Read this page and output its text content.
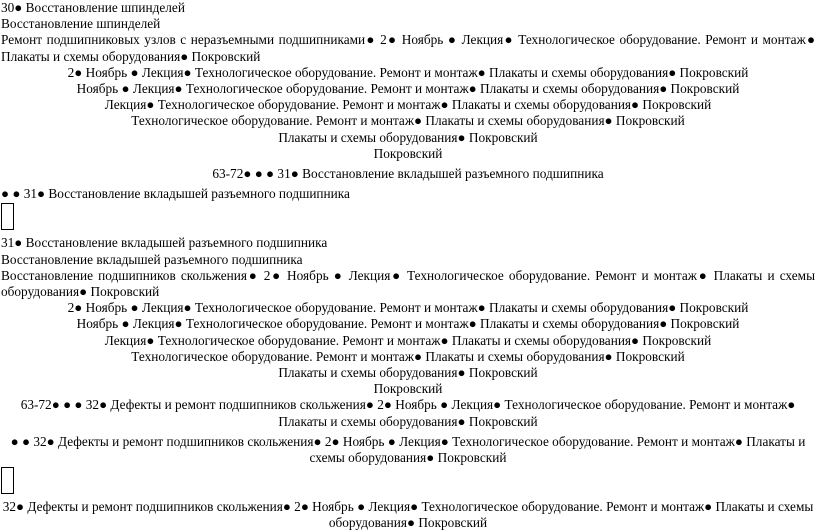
30● Восстановление шпинделей
Восстановление шпинделей
Ремонт подшипниковых узлов с неразъемными подшипниками● 2● Ноябрь ● Лекция● Технологическое оборудование. Ремонт и монтаж● Плакаты и схемы оборудования● Покровский
2● Ноябрь ● Лекция● Технологическое оборудование. Ремонт и монтаж● Плакаты и схемы оборудования● Покровский
Ноябрь ● Лекция● Технологическое оборудование. Ремонт и монтаж● Плакаты и схемы оборудования● Покровский
Лекция● Технологическое оборудование. Ремонт и монтаж● Плакаты и схемы оборудования● Покровский
Технологическое оборудование. Ремонт и монтаж● Плакаты и схемы оборудования● Покровский
Плакаты и схемы оборудования● Покровский
Покровский
63-72● ● ● 31● Восстановление вкладышей разъемного подшипника
● ● 31● Восстановление вкладышей разъемного подшипника
31● Восстановление вкладышей разъемного подшипника
Восстановление вкладышей разъемного подшипника
Восстановление подшипников скольжения● 2● Ноябрь ● Лекция● Технологическое оборудование. Ремонт и монтаж● Плакаты и схемы оборудования● Покровский
2● Ноябрь ● Лекция● Технологическое оборудование. Ремонт и монтаж● Плакаты и схемы оборудования● Покровский
Ноябрь ● Лекция● Технологическое оборудование. Ремонт и монтаж● Плакаты и схемы оборудования● Покровский
Лекция● Технологическое оборудование. Ремонт и монтаж● Плакаты и схемы оборудования● Покровский
Технологическое оборудование. Ремонт и монтаж● Плакаты и схемы оборудования● Покровский
Плакаты и схемы оборудования● Покровский
Покровский
63-72● ● ● 32● Дефекты и ремонт подшипников скольжения● 2● Ноябрь ● Лекция● Технологическое оборудование. Ремонт и монтаж● Плакаты и схемы оборудования● Покровский
● ● 32● Дефекты и ремонт подшипников скольжения● 2● Ноябрь ● Лекция● Технологическое оборудование. Ремонт и монтаж● Плакаты и схемы оборудования● Покровский
32● Дефекты и ремонт подшипников скольжения● 2● Ноябрь ● Лекция● Технологическое оборудование. Ремонт и монтаж● Плакаты и схемы оборудования● Покровский
